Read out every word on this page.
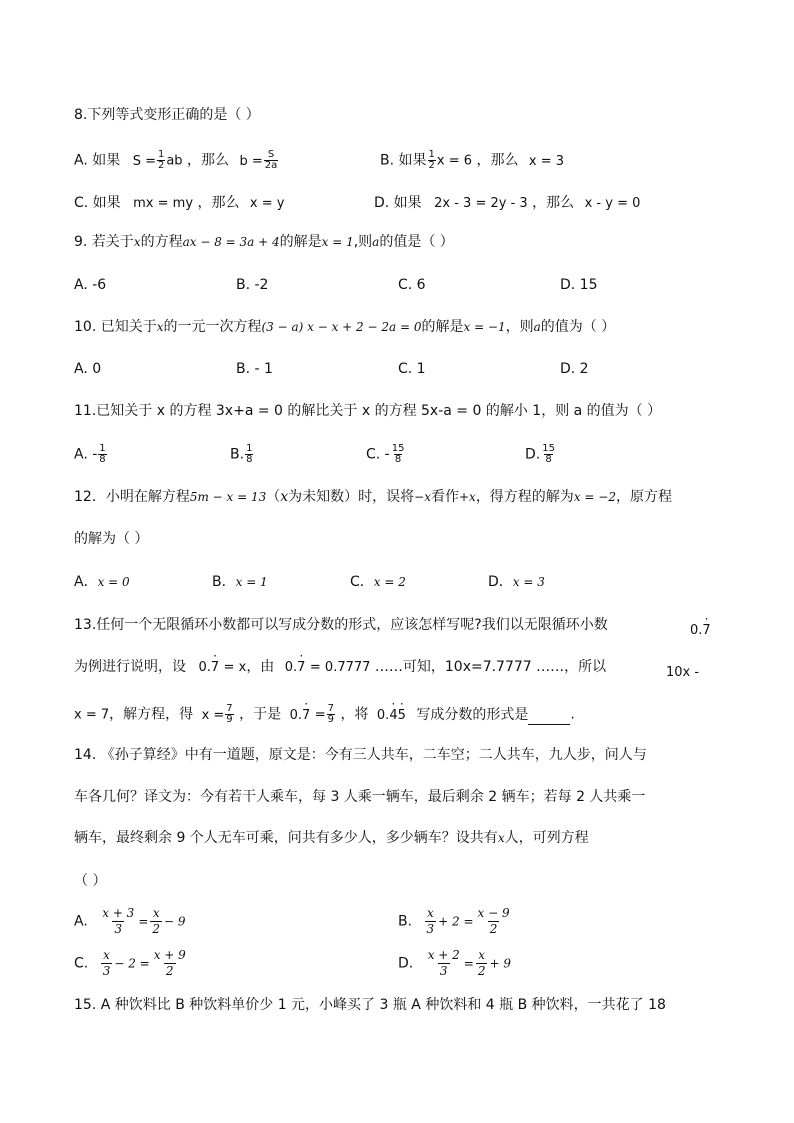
8.下列等式变形正确的是（ ）
A. 如果 $S = \frac{1}{2}$ ab ，那么 $b = \frac{S}{2a}$	B. 如果 $\frac{1}{2}$ x = 6 ，那么 x = 3
C. 如果 mx = my ，那么 x = y	D. 如果 2x - 3 = 2y - 3 ，那么 x - y = 0
9. 若关于x的方程ax − 8 = 3a + 4的解是x = 1,则a的值是（ ）
A. -6	B. -2	C. 6	D. 15
10. 已知关于x的一元一次方程(3 − a) x − x + 2 − 2a = 0的解是x = −1，则a的值为（ ）
A. 0	B. - 1	C. 1	D. 2
11.已知关于 x 的方程 3x+a = 0 的解比关于 x 的方程 5x-a = 0 的解小 1，则 a 的值为（ ）
A. - $\frac{1}{8}$	B. $\frac{1}{8}$	C. - $\frac{15}{8}$	D. $\frac{15}{8}$
12．小明在解方程5m − x = 13（x为未知数）时，误将−x看作+x，得方程的解为x = −2，原方程
的解为（ ）
A．x = 0	B．x = 1	C．x = 2	D．x = 3
13.任何一个无限循环小数都可以写成分数的形式，应该怎样写呢?我们以无限循环小数	0.· 7
为例进行说明，设 0.· 7 = x，由 0.· 7 = 0.7777 ……可知，10x=7.7777 ……，所以	10x -
x = 7，解方程，得 $x = \frac{7}{9}$ ，于是 $0.\cdot 7 = \frac{7}{9}$ ，将 0.· 4· 5 写成分数的形式是	.
14. 《孙子算经》中有一道题，原文是：今有三人共车，二车空；二人共车，九人步，问人与
车各几何？译文为：今有若干人乘车，每 3 人乘一辆车，最后剩余 2 辆车；若每 2 人共乘一
辆车，最终剩余 9 个人无车可乘，问共有多少人，多少辆车？设共有x人，可列方程
（ ）
A. $\frac{x + 3}{3} = \frac{x}{2} - 9$	B. $\frac{x}{3} + 2 = \frac{x - 9}{2}$
C. $\frac{x}{3} - 2 = \frac{x + 9}{2}$	D. $\frac{x + 2}{3} = \frac{x}{2} + 9$
15. A 种饮料比 B 种饮料单价少 1 元，小峰买了 3 瓶 A 种饮料和 4 瓶 B 种饮料，一共花了 18
